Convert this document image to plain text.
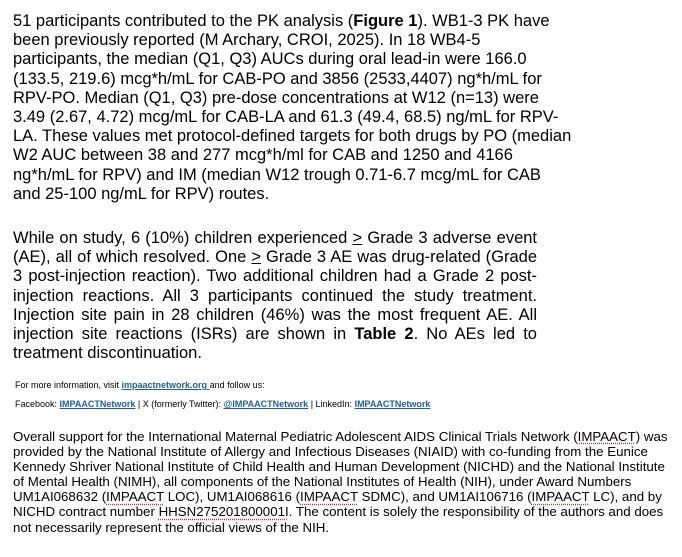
51 participants contributed to the PK analysis (Figure 1). WB1-3 PK have been previously reported (M Archary, CROI, 2025). In 18 WB4-5 participants, the median (Q1, Q3) AUCs during oral lead-in were 166.0 (133.5, 219.6) mcg*h/mL for CAB-PO and 3856 (2533,4407) ng*h/mL for RPV-PO. Median (Q1, Q3) pre-dose concentrations at W12 (n=13) were 3.49 (2.67, 4.72) mcg/mL for CAB-LA and 61.3 (49.4, 68.5) ng/mL for RPV-LA. These values met protocol-defined targets for both drugs by PO (median W2 AUC between 38 and 277 mcg*h/ml for CAB and 1250 and 4166 ng*h/mL for RPV) and IM (median W12 trough 0.71-6.7 mcg/mL for CAB and 25-100 ng/mL for RPV) routes.

While on study, 6 (10%) children experienced > Grade 3 adverse event (AE), all of which resolved. One > Grade 3 AE was drug-related (Grade 3 post-injection reaction). Two additional children had a Grade 2 post-injection reactions. All 3 participants continued the study treatment. Injection site pain in 28 children (46%) was the most frequent AE. All injection site reactions (ISRs) are shown in Table 2. No AEs led to treatment discontinuation.

For more information, visit impaactnetwork.org and follow us:

Facebook: IMPAACTNetwork | X (formerly Twitter): @IMPAACTNetwork | LinkedIn: IMPAACTNetwork

Overall support for the International Maternal Pediatric Adolescent AIDS Clinical Trials Network (IMPAACT) was provided by the National Institute of Allergy and Infectious Diseases (NIAID) with co-funding from the Eunice Kennedy Shriver National Institute of Child Health and Human Development (NICHD) and the National Institute of Mental Health (NIMH), all components of the National Institutes of Health (NIH), under Award Numbers UM1AI068632 (IMPAACT LOC), UM1AI068616 (IMPAACT SDMC), and UM1AI106716 (IMPAACT LC), and by NICHD contract number HHSN275201800001I. The content is solely the responsibility of the authors and does not necessarily represent the official views of the NIH.
